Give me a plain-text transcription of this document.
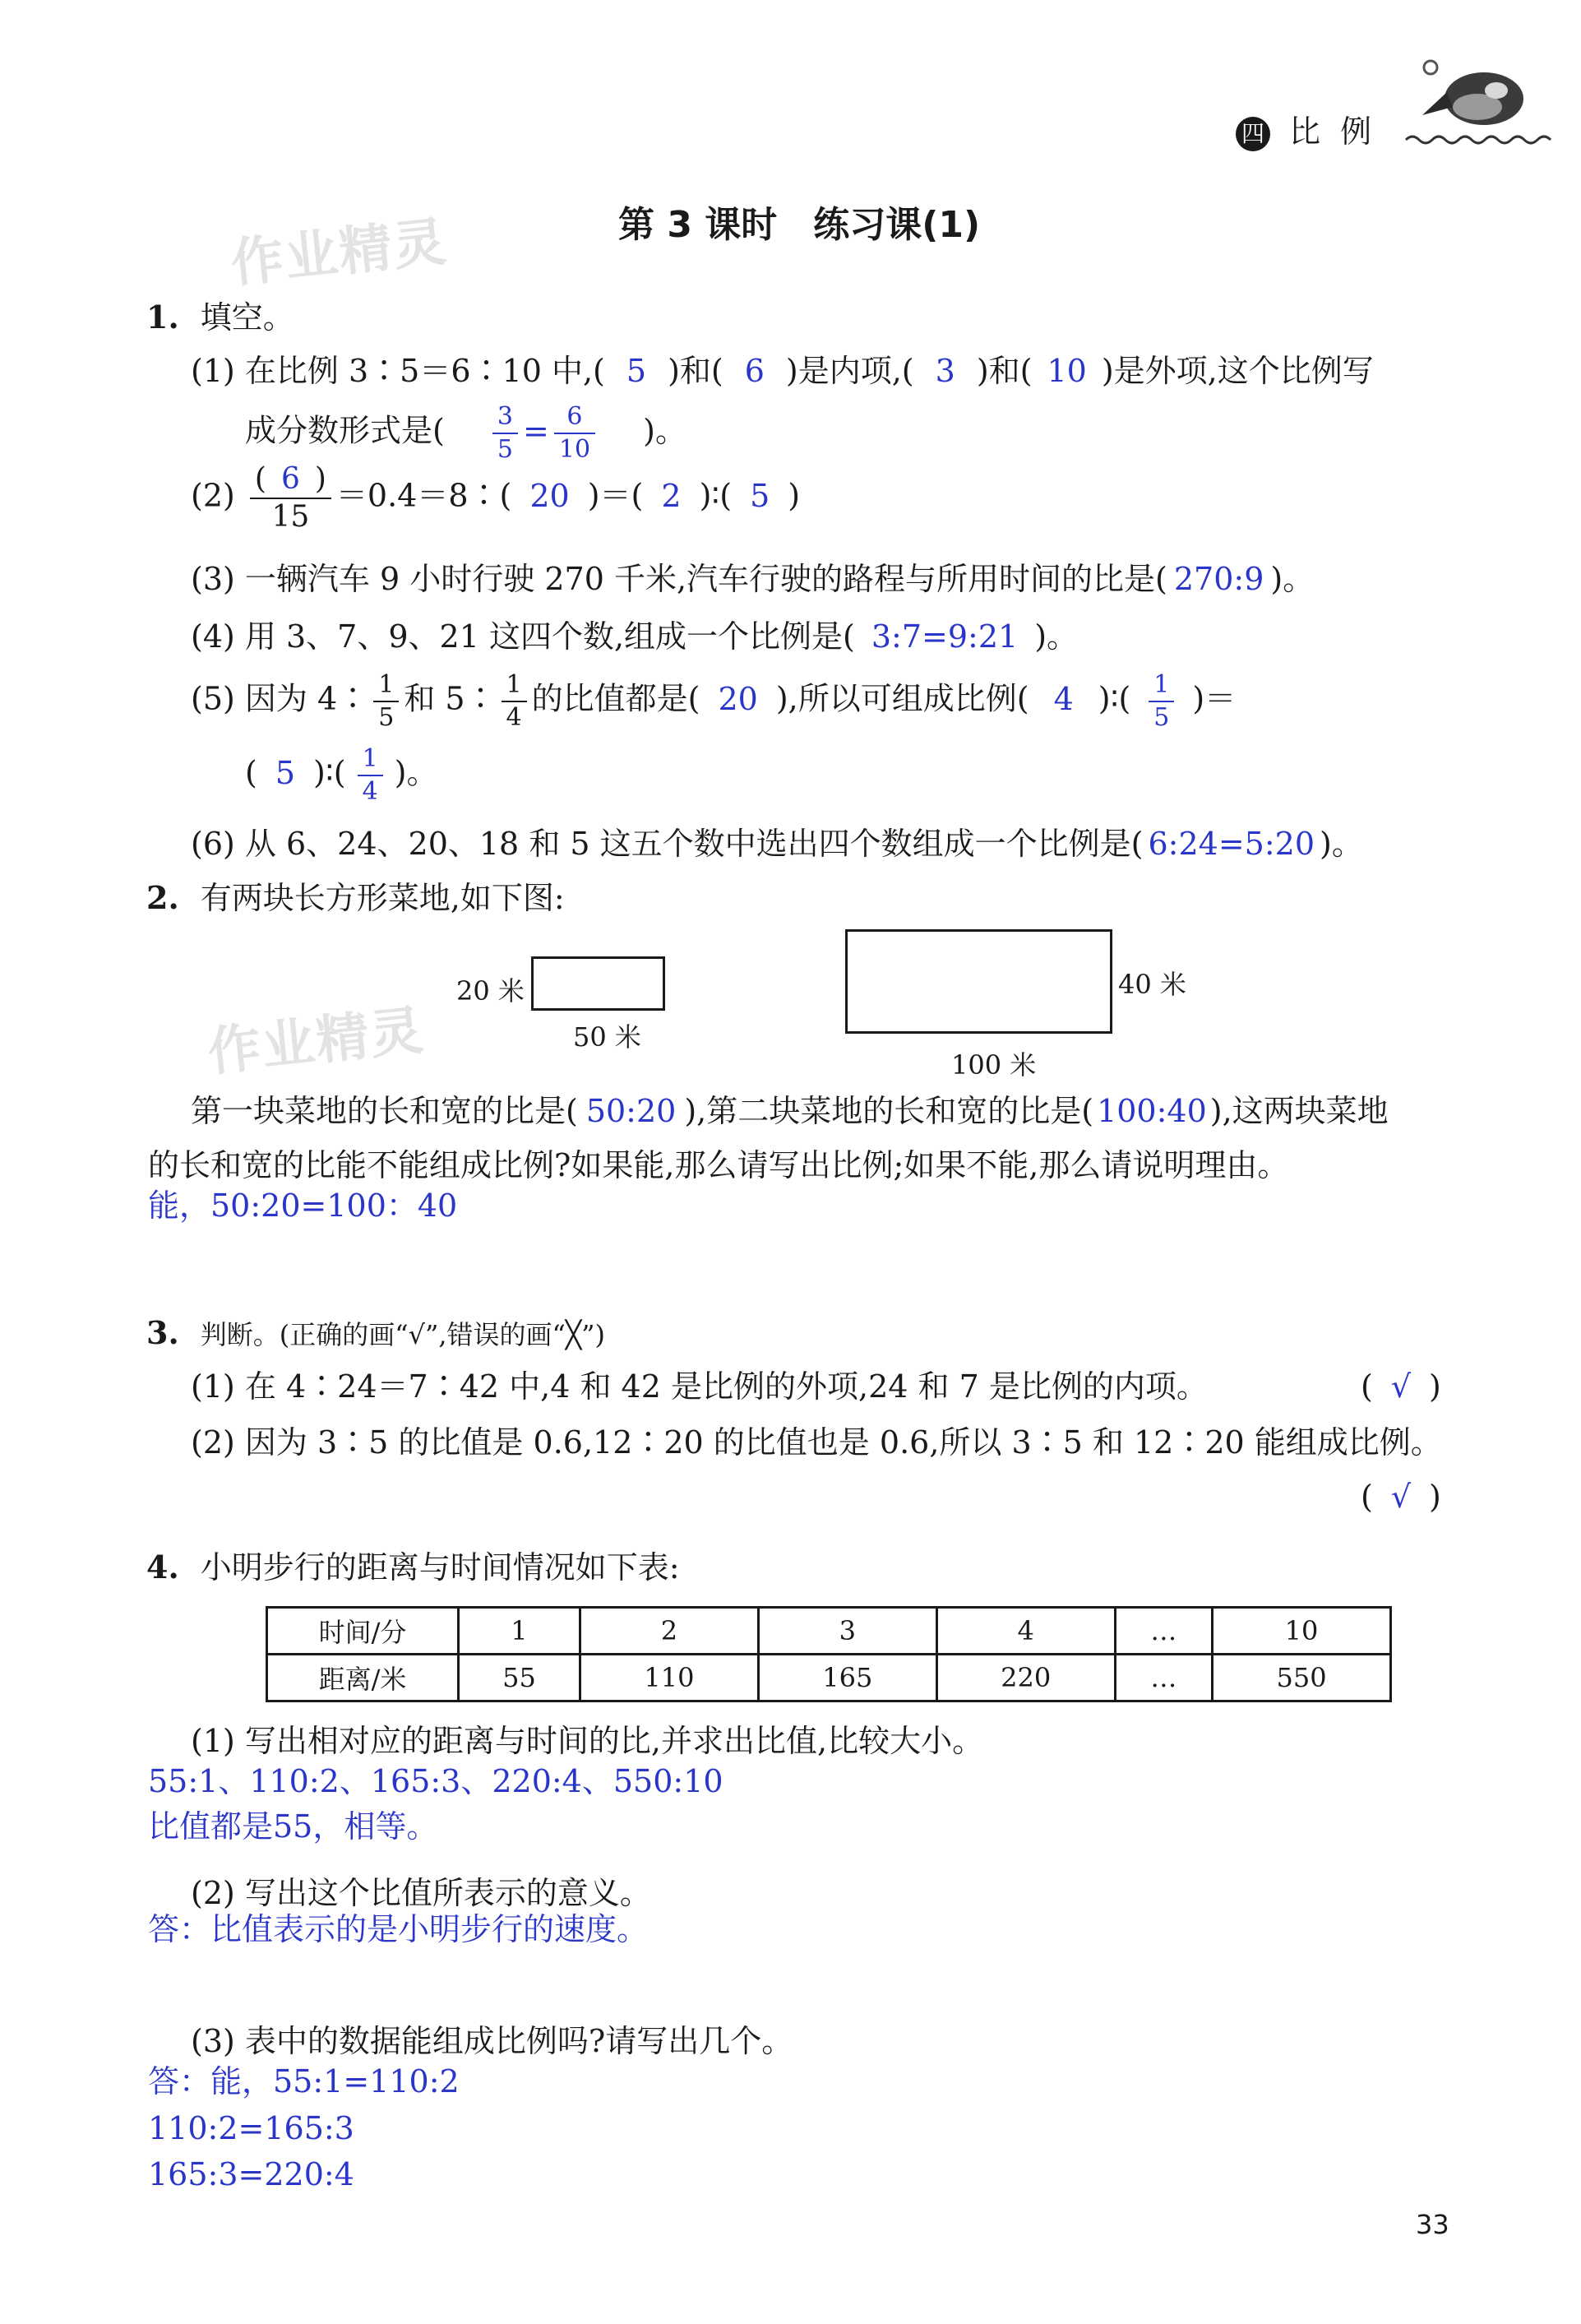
四 比 例
第 3 课时　练习课(1)
作业精灵
作业精灵
1. 填空。
(1) 在比例 3∶5＝6∶10 中,( 5 )和( 6 )是内项,( 3 )和( 10 )是外项,这个比例写
成分数形式是( $\frac{3}{5} = \frac{6}{10}$ )。
$(2) \frac{( 6 )}{15}$ ＝0.4＝8∶( 20 )＝( 2 )∶( 5 )
(3) 一辆汽车 9 小时行驶 270 千米,汽车行驶的路程与所用时间的比是( 270:9 )。
(4) 用 3、7、9、21 这四个数,组成一个比例是( 3:7=9:21 )。
(5) 因为 4∶ $\frac{1}{5}$ 和 5∶ $\frac{1}{4}$ 的比值都是( 20 ),所以可组成比例( 4 )∶( $\frac{1}{5}$ )＝
( 5 )∶( $\frac{1}{4}$ )。
(6) 从 6、24、20、18 和 5 这五个数中选出四个数组成一个比例是( 6:24=5:20 )。
2. 有两块长方形菜地,如下图:
20 米
50 米
40 米
100 米
第一块菜地的长和宽的比是( 50:20 ),第二块菜地的长和宽的比是( 100:40 ),这两块菜地
的长和宽的比能不能组成比例?如果能,那么请写出比例;如果不能,那么请说明理由。
能，50:20=100：40
3. 判断。(正确的画“√”,错误的画“╳”)
(1) 在 4∶24＝7∶42 中,4 和 42 是比例的外项,24 和 7 是比例的内项。	( √ )
(2) 因为 3∶5 的比值是 0.6,12∶20 的比值也是 0.6,所以 3∶5 和 12∶20 能组成比例。
( √ )
4. 小明步行的距离与时间情况如下表:
时间/分	1	2	3	4	…	10
距离/米	55	110	165	220	…	550
(1) 写出相对应的距离与时间的比,并求出比值,比较大小。
55:1、110:2、165:3、220:4、550:10
比值都是55，相等。
(2) 写出这个比值所表示的意义。
答：比值表示的是小明步行的速度。
(3) 表中的数据能组成比例吗?请写出几个。
答：能，55:1=110:2
110:2=165:3
165:3=220:4
33
